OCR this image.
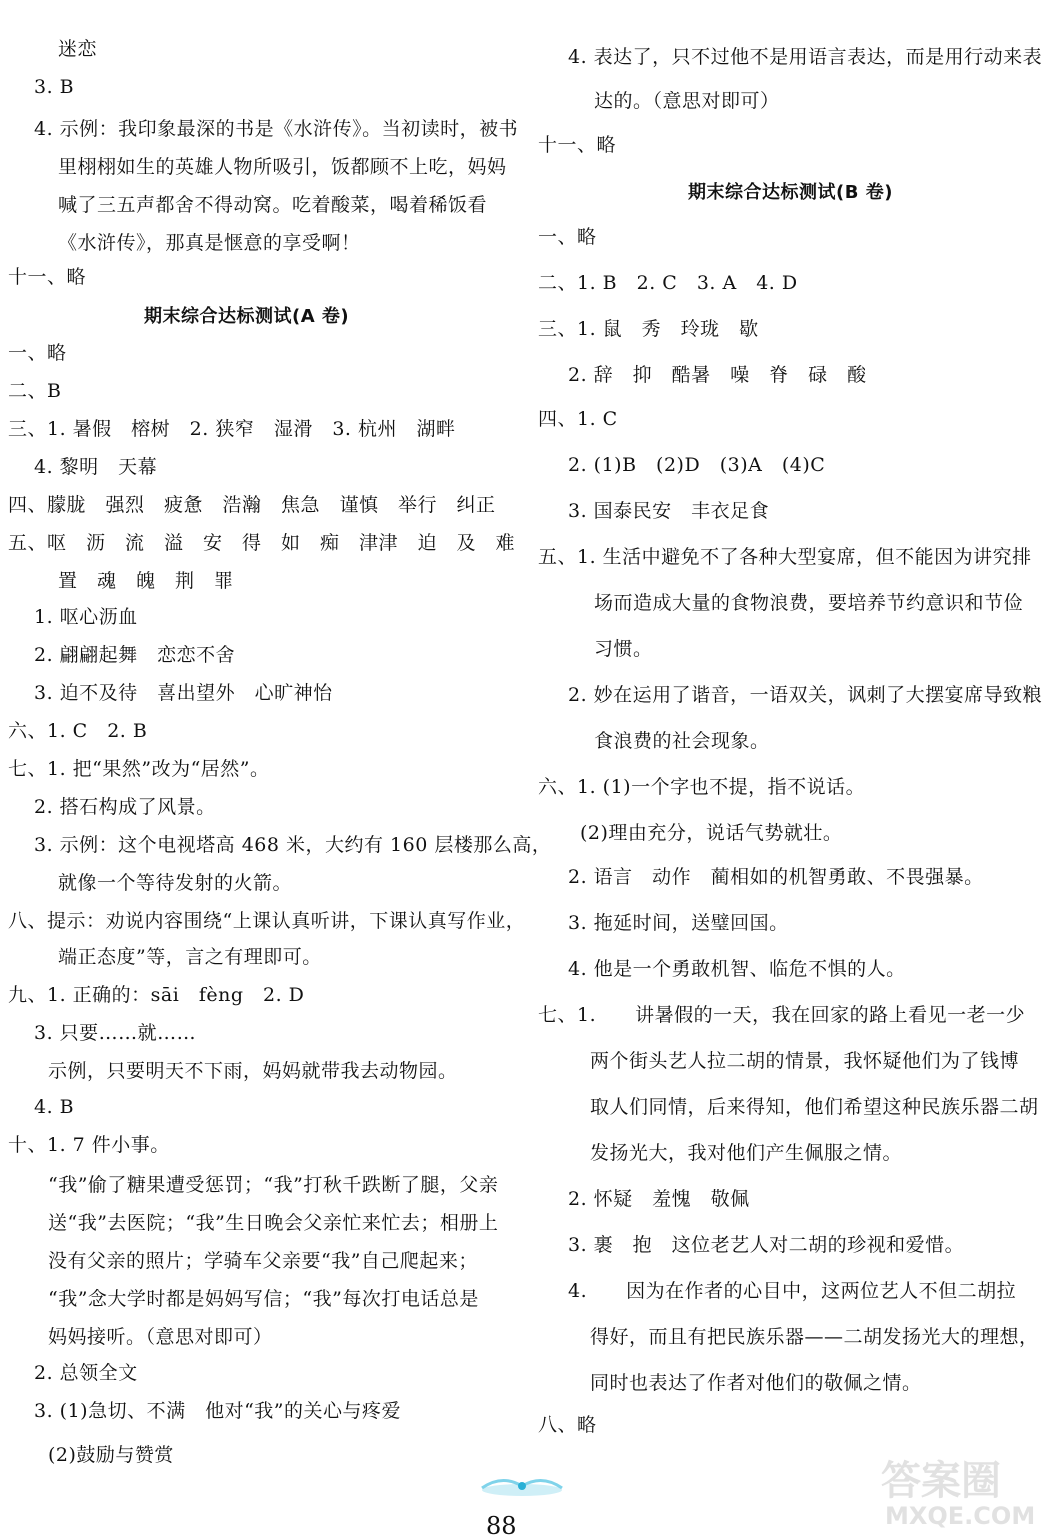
迷恋
3. B
4. 示例：我印象最深的书是《水浒传》。当初读时，被书
里栩栩如生的英雄人物所吸引，饭都顾不上吃，妈妈
喊了三五声都舍不得动窝。吃着酸菜，喝着稀饭看
《水浒传》，那真是惬意的享受啊！
十一、略
期末综合达标测试(A 卷)
一、略
二、B
三、1. 暑假　榕树　2. 狭窄　湿滑　3. 杭州　湖畔
4. 黎明　天幕
四、朦胧　强烈　疲惫　浩瀚　焦急　谨慎　举行　纠正
五、呕　沥　流　溢　安　得　如　痴　津津　迫　及　难
置　魂　魄　荆　罪
1. 呕心沥血
2. 翩翩起舞　恋恋不舍
3. 迫不及待　喜出望外　心旷神怡
六、1. C　2. B
七、1. 把“果然”改为“居然”。
2. 搭石构成了风景。
3. 示例：这个电视塔高 468 米，大约有 160 层楼那么高，
就像一个等待发射的火箭。
八、提示：劝说内容围绕“上课认真听讲，下课认真写作业，
端正态度”等，言之有理即可。
九、1. 正确的：sāi　fèng　2. D
3. 只要……就……
示例，只要明天不下雨，妈妈就带我去动物园。
4. B
十、1. 7 件小事。
“我”偷了糖果遭受惩罚；“我”打秋千跌断了腿，父亲
送“我”去医院；“我”生日晚会父亲忙来忙去；相册上
没有父亲的照片；学骑车父亲要“我”自己爬起来；
“我”念大学时都是妈妈写信；“我”每次打电话总是
妈妈接听。（意思对即可）
2. 总领全文
3. (1)急切、不满　他对“我”的关心与疼爱
(2)鼓励与赞赏
4. 表达了，只不过他不是用语言表达，而是用行动来表
达的。（意思对即可）
十一、略
期末综合达标测试(B 卷)
一、略
二、1. B　2. C　3. A　4. D
三、1. 鼠　秀　玲珑　歇
2. 辞　抑　酷暑　噪　脊　碌　酸
四、1. C
2. (1)B　(2)D　(3)A　(4)C
3. 国泰民安　丰衣足食
五、1. 生活中避免不了各种大型宴席，但不能因为讲究排
场而造成大量的食物浪费，要培养节约意识和节俭
习惯。
2. 妙在运用了谐音，一语双关，讽刺了大摆宴席导致粮
食浪费的社会现象。
六、1. (1)一个字也不提，指不说话。
(2)理由充分，说话气势就壮。
2. 语言　动作　蔺相如的机智勇敢、不畏强暴。
3. 拖延时间，送璧回国。
4. 他是一个勇敢机智、临危不惧的人。
七、1.　　讲暑假的一天，我在回家的路上看见一老一少
两个街头艺人拉二胡的情景，我怀疑他们为了钱博
取人们同情，后来得知，他们希望这种民族乐器二胡
发扬光大，我对他们产生佩服之情。
2. 怀疑　羞愧　敬佩
3. 裹　抱　这位老艺人对二胡的珍视和爱惜。
4.　　因为在作者的心目中，这两位艺人不但二胡拉
得好，而且有把民族乐器——二胡发扬光大的理想，
同时也表达了作者对他们的敬佩之情。
八、略
88
答案圈
MXQE.COM
